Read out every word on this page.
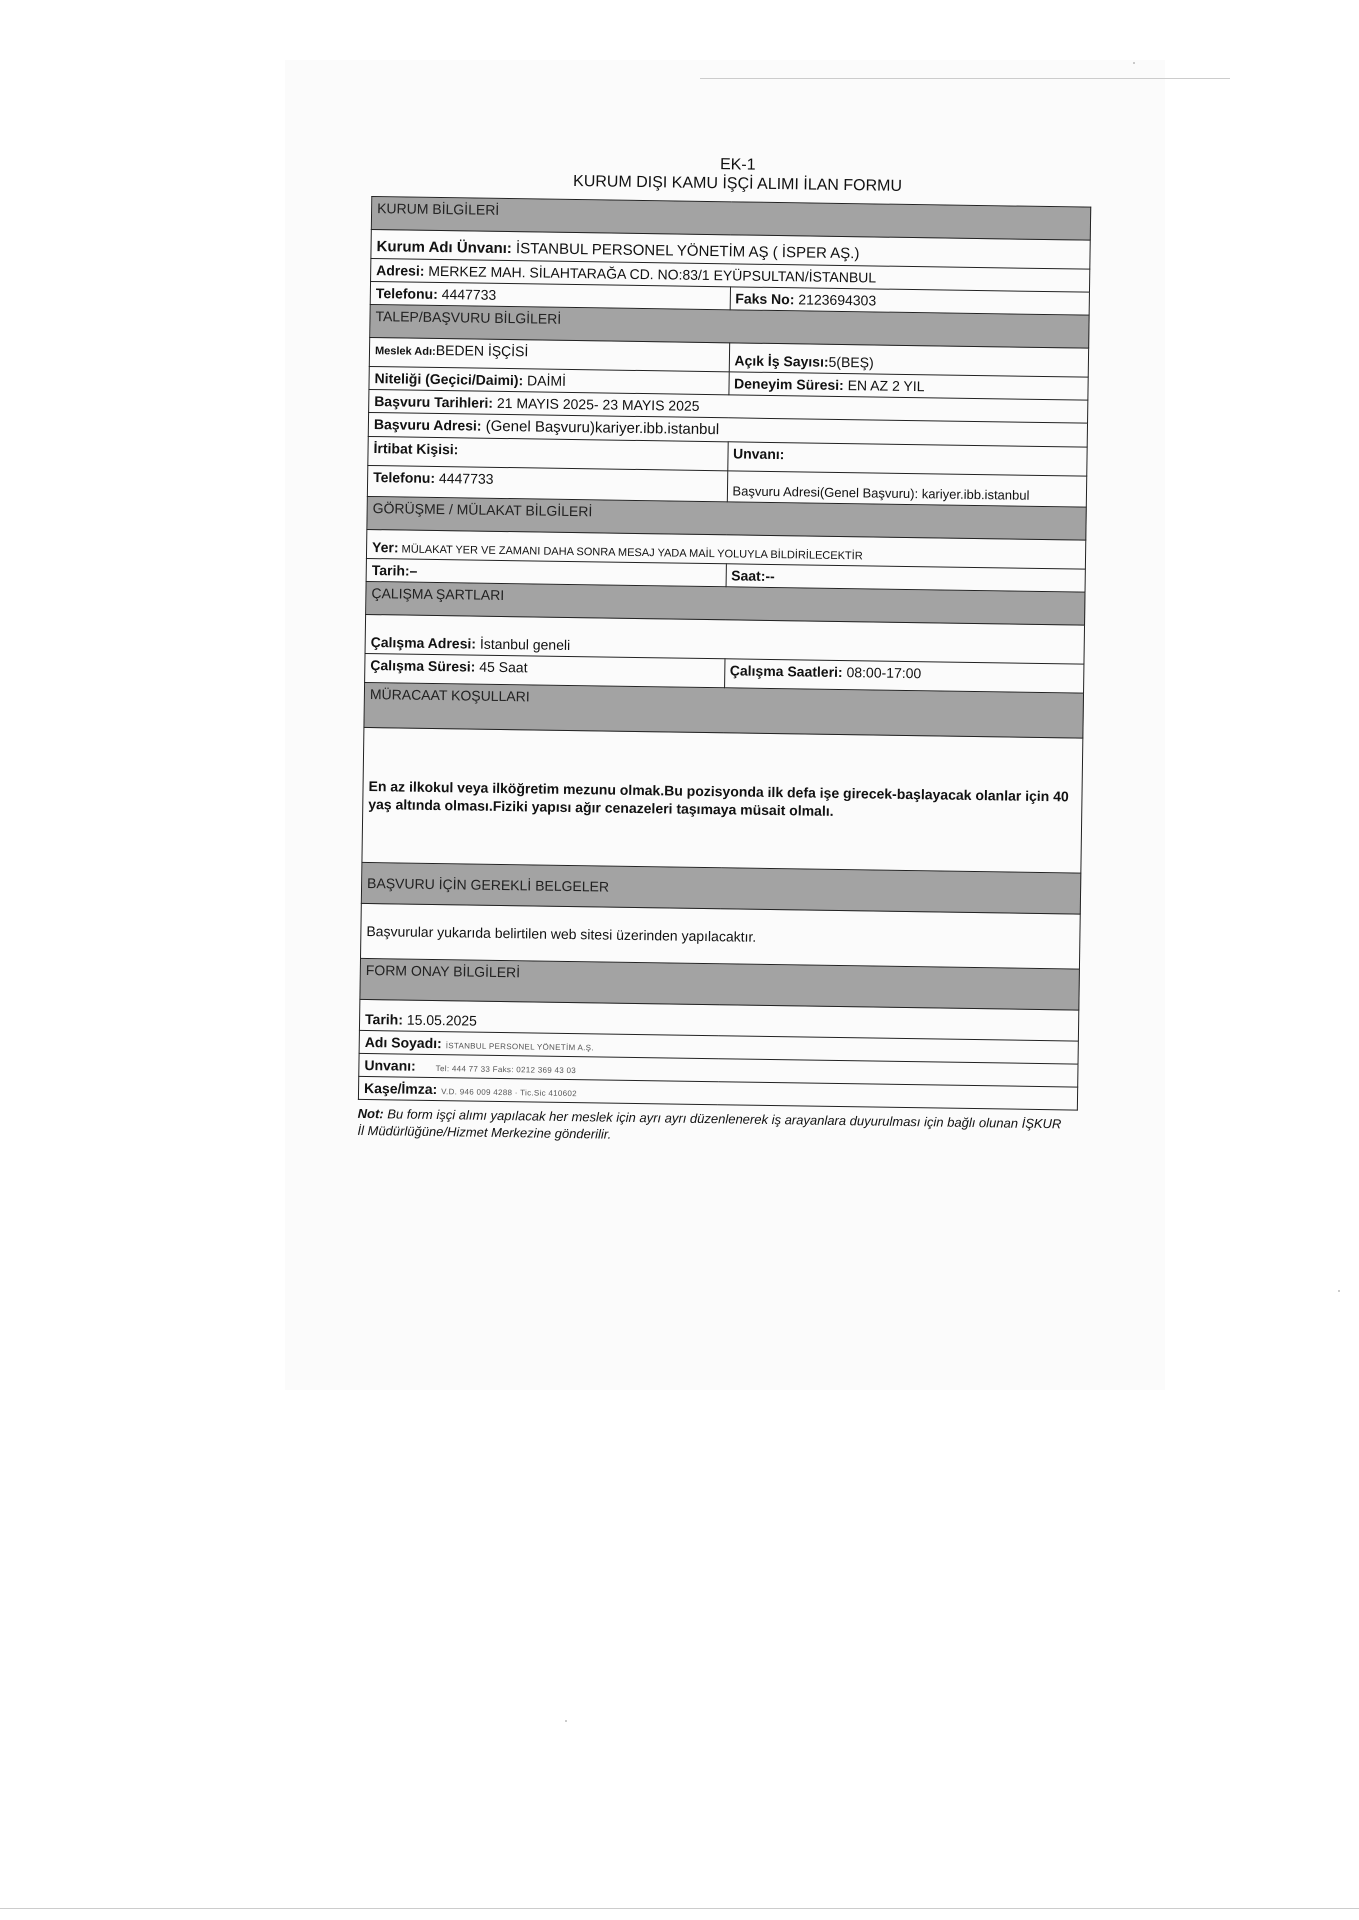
EK-1
KURUM DIŞI KAMU İŞÇİ ALIMI İLAN FORMU
KURUM BİLGİLERİ	
Kurum Adı Ünvanı: İSTANBUL PERSONEL YÖNETİM AŞ ( İSPER AŞ.)	
Adresi: MERKEZ MAH. SİLAHTARAĞA CD. NO:83/1 EYÜPSULTAN/İSTANBUL	
Telefonu: 4447733	Faks No: 2123694303
TALEP/BAŞVURU BİLGİLERİ	
Meslek Adı:BEDEN İŞÇİSİ	Açık İş Sayısı:5(BEŞ)
Niteliği (Geçici/Daimi): DAİMİ	Deneyim Süresi: EN AZ 2 YIL
Başvuru Tarihleri: 21 MAYIS 2025- 23 MAYIS 2025	
Başvuru Adresi: (Genel Başvuru)kariyer.ibb.istanbul	
İrtibat Kişisi:	Unvanı:
Telefonu: 4447733	Başvuru Adresi(Genel Başvuru): kariyer.ibb.istanbul
GÖRÜŞME / MÜLAKAT BİLGİLERİ	
Yer: MÜLAKAT YER VE ZAMANI DAHA SONRA MESAJ YADA MAİL YOLUYLA BİLDİRİLECEKTİR	
Tarih:–	Saat:--
ÇALIŞMA ŞARTLARI	
Çalışma Adresi: İstanbul geneli	
Çalışma Süresi: 45 Saat	Çalışma Saatleri: 08:00-17:00
MÜRACAAT KOŞULLARI	
En az ilkokul veya ilköğretim mezunu olmak.Bu pozisyonda ilk defa işe girecek-başlayacak olanlar için 40 yaş altında olması.Fiziki yapısı ağır cenazeleri taşımaya müsait olmalı.	
BAŞVURU İÇİN GEREKLİ BELGELER	
Başvurular yukarıda belirtilen web sitesi üzerinden yapılacaktır.	
FORM ONAY BİLGİLERİ	
Tarih: 15.05.2025	
Adı Soyadı: İSTANBUL PERSONEL YÖNETİM A.Ş.	
Unvanı: Tel: 444 77 33 Faks: 0212 369 43 03	
Kaşe/İmza: V.D. 946 009 4288 · Tic.Sic 410602	
Not: Bu form işçi alımı yapılacak her meslek için ayrı ayrı düzenlenerek iş arayanlara duyurulması için bağlı olunan İŞKUR İl Müdürlüğüne/Hizmet Merkezine gönderilir.
